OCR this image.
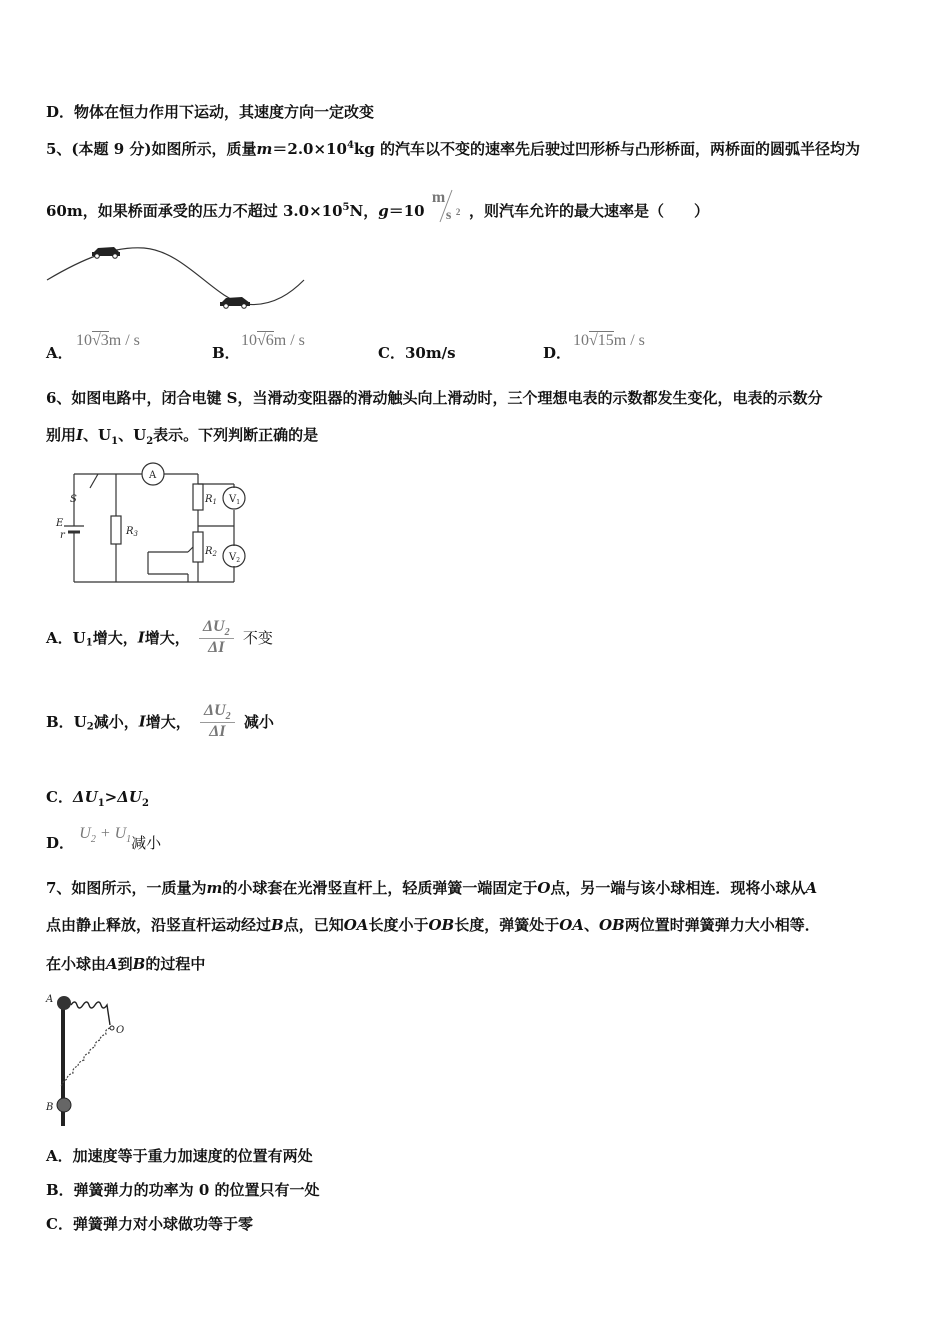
D．物体在恒力作用下运动，其速度方向一定改变
5、(本题 9 分)如图所示，质量$m=2.0\times 10^4kg$ 的汽车以不变的速率先后驶过凹形桥与凸形桥面，两桥面的圆弧半径均为
60m，如果桥面承受的压力不超过 $3.0\times 10^5N$，g＝10
m
s 2 ，则汽车允许的最大速率是（　　）
A．
10√3m / s
B．
10√6m / s
C．30m/s	D．
10√15m / s
6、如图电路中，闭合电键 S，当滑动变阻器的滑动触头向上滑动时，三个理想电表的示数都发生变化，电表的示数分
别用I、$U_1$、$U_2$表示。下列判断正确的是
S
E
r	$R_3$
$R_1$
$R_2$
A
$V_1$
$V_2$
A．$U_1$增大，I增大， $\frac{\Delta U_2}{\Delta I}$ 不变
B．$U_2$减小，I增大， $\frac{\Delta U_2}{\Delta I}$ 减小
C．$\Delta U_1>\Delta U_2$
D． $U_2 + U_1$减小
7、如图所示，一质量为m的小球套在光滑竖直杆上，轻质弹簧一端固定于O点，另一端与该小球相连．现将小球从A
点由静止释放，沿竖直杆运动经过B点，已知OA长度小于OB长度，弹簧处于OA、OB两位置时弹簧弹力大小相等．
在小球由A到B的过程中
A
O
B
A．加速度等于重力加速度的位置有两处
B．弹簧弹力的功率为 0 的位置只有一处
C．弹簧弹力对小球做功等于零
